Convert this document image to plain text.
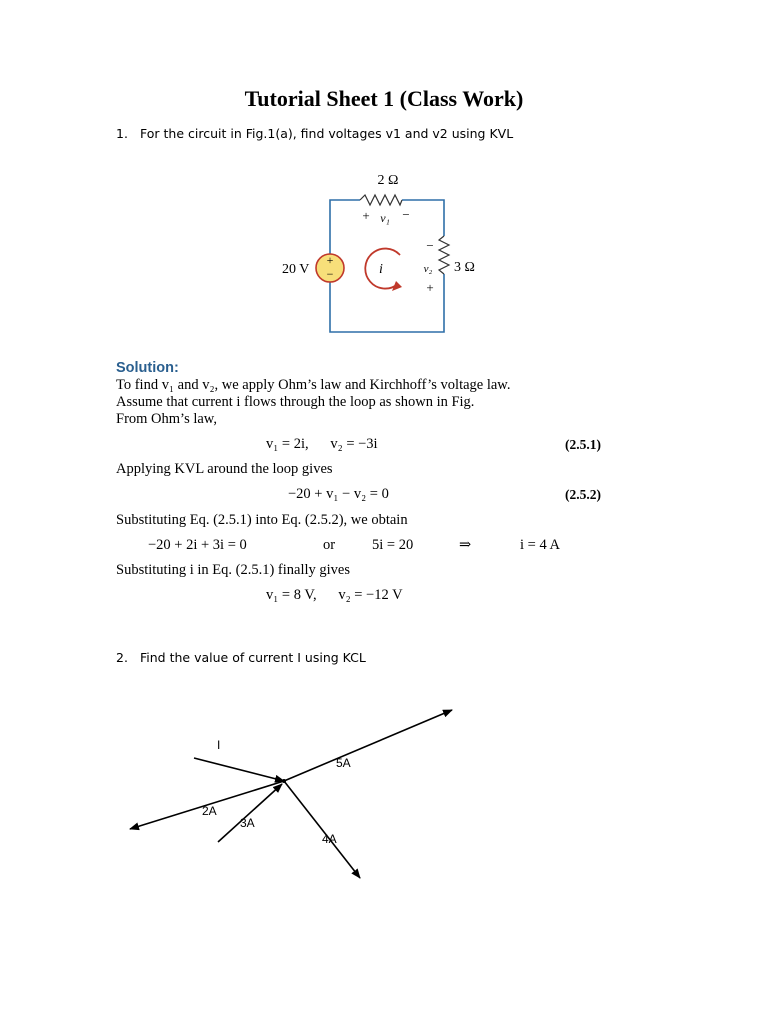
Tutorial Sheet 1 (Class Work)
1. For the circuit in Fig.1(a), find voltages v1 and v2 using KVL
+
−	i
2 Ω
+ v₁ −
20 V	3 Ω
−
v₂
+
Solution:
To find v₁ and v₂, we apply Ohm’s law and Kirchhoff’s voltage law.
Assume that current i flows through the loop as shown in Fig.
From Ohm’s law,
v₁ = 2i,      v₂ = −3i	(2.5.1)
Applying KVL around the loop gives
−20 + v₁ − v₂ = 0	(2.5.2)
Substituting Eq. (2.5.1) into Eq. (2.5.2), we obtain
−20 + 2i + 3i = 0	or	5i = 20	⇒	i = 4 A
Substituting i in Eq. (2.5.1) finally gives
v₁ = 8 V,      v₂ = −12 V
2. Find the value of current I using KCL
I
5A
2A
3A
4A
